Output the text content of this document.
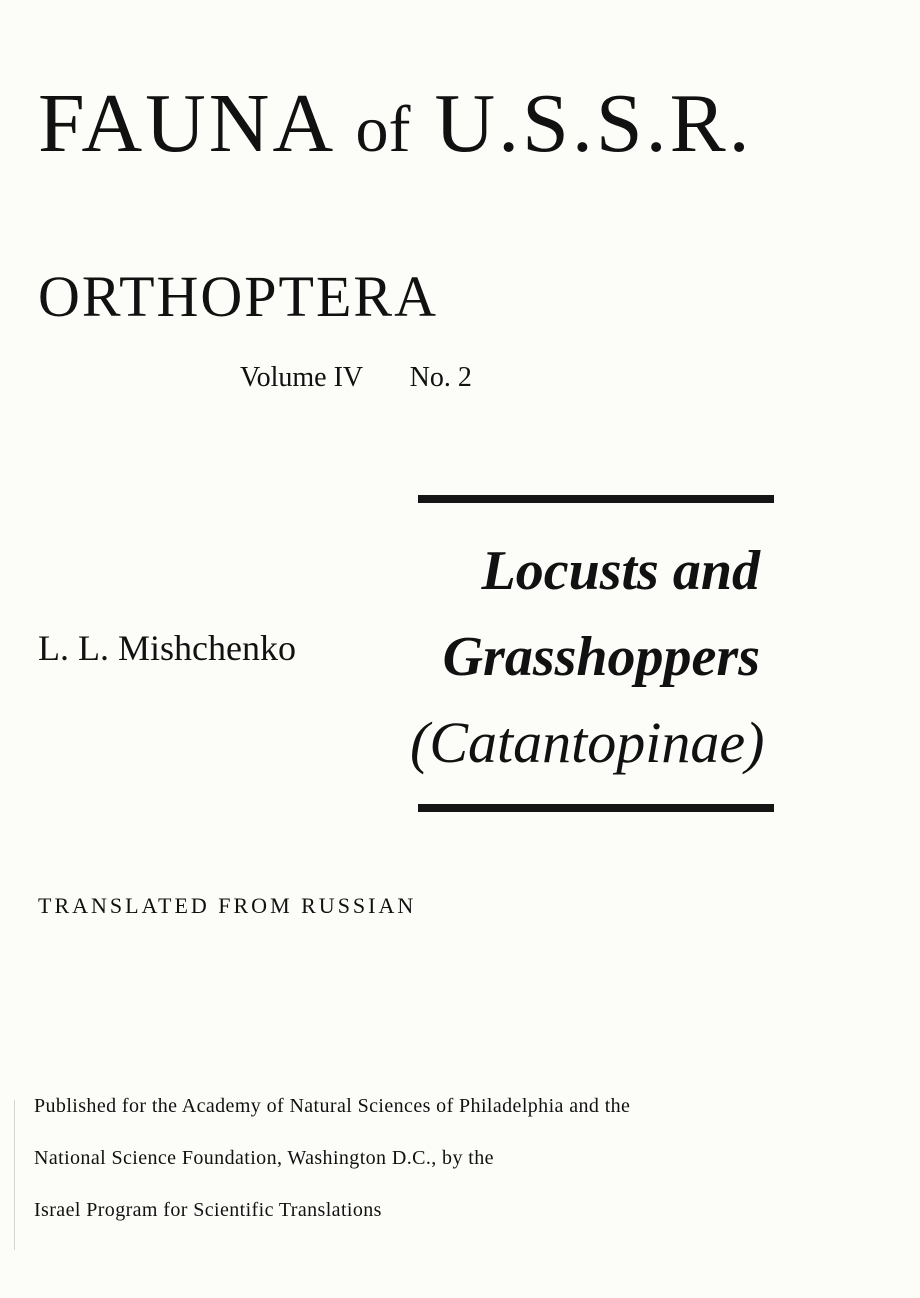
FAUNA of U.S.S.R.
ORTHOPTERA
Volume IV No. 2
L. L. Mishchenko
Locusts and
Grasshoppers
(Catantopinae)
TRANSLATED FROM RUSSIAN
Published for the Academy of Natural Sciences of Philadelphia and the
National Science Foundation, Washington D.C., by the
Israel Program for Scientific Translations
